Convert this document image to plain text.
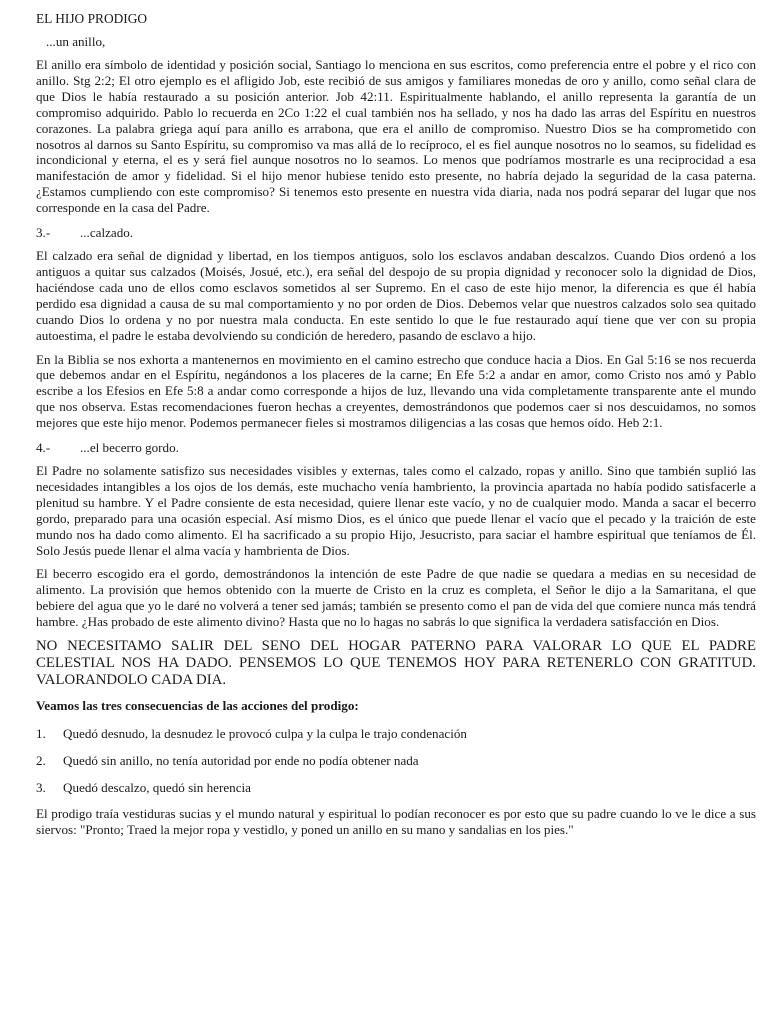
EL HIJO PRODIGO

...un anillo,

El anillo era símbolo de identidad y posición social, Santiago lo menciona en sus escritos, como preferencia entre el pobre y el rico con anillo. Stg 2:2; El otro ejemplo es el afligido Job, este recibió de sus amigos y familiares monedas de oro y anillo, como señal clara de que Dios le había restaurado a su posición anterior. Job 42:11. Espiritualmente hablando, el anillo representa la garantía de un compromiso adquirido. Pablo lo recuerda en 2Co 1:22 el cual también nos ha sellado, y nos ha dado las arras del Espíritu en nuestros corazones. La palabra griega aquí para anillo es arrabona, que era el anillo de compromiso. Nuestro Dios se ha comprometido con nosotros al darnos su Santo Espíritu, su compromiso va mas allá de lo recíproco, el es fiel aunque nosotros no lo seamos, su fidelidad es incondicional y eterna, el es y será fiel aunque nosotros no lo seamos. Lo menos que podríamos mostrarle es una reciprocidad a esa manifestación de amor y fidelidad. Si el hijo menor hubiese tenido esto presente, no habría dejado la seguridad de la casa paterna. ¿Estamos cumpliendo con este compromiso? Si tenemos esto presente en nuestra vida diaria, nada nos podrá separar del lugar que nos corresponde en la casa del Padre.

3.- ...calzado.

El calzado era señal de dignidad y libertad, en los tiempos antiguos, solo los esclavos andaban descalzos. Cuando Dios ordenó a los antiguos a quitar sus calzados (Moisés, Josué, etc.), era señal del despojo de su propia dignidad y reconocer solo la dignidad de Dios, haciéndose cada uno de ellos como esclavos sometidos al ser Supremo. En el caso de este hijo menor, la diferencia es que él había perdido esa dignidad a causa de su mal comportamiento y no por orden de Dios. Debemos velar que nuestros calzados solo sea quitado cuando Dios lo ordena y no por nuestra mala conducta. En este sentido lo que le fue restaurado aquí tiene que ver con su propia autoestima, el padre le estaba devolviendo su condición de heredero, pasando de esclavo a hijo.

En la Biblia se nos exhorta a mantenernos en movimiento en el camino estrecho que conduce hacia a Dios. En Gal 5:16 se nos recuerda que debemos andar en el Espíritu, negándonos a los placeres de la carne; En Efe 5:2 a andar en amor, como Cristo nos amó y Pablo escribe a los Efesios en Efe 5:8 a andar como corresponde a hijos de luz, llevando una vida completamente transparente ante el mundo que nos observa. Estas recomendaciones fueron hechas a creyentes, demostrándonos que podemos caer si nos descuidamos, no somos mejores que este hijo menor. Podemos permanecer fieles si mostramos diligencias a las cosas que hemos oído. Heb 2:1.

4.- ...el becerro gordo.

El Padre no solamente satisfizo sus necesidades visibles y externas, tales como el calzado, ropas y anillo. Sino que también suplió las necesidades intangibles a los ojos de los demás, este muchacho venía hambriento, la provincia apartada no había podido satisfacerle a plenitud su hambre. Y el Padre consiente de esta necesidad, quiere llenar este vacío, y no de cualquier modo. Manda a sacar el becerro gordo, preparado para una ocasión especial. Así mismo Dios, es el único que puede llenar el vacío que el pecado y la traición de este mundo nos ha dado como alimento. El ha sacrificado a su propio Hijo, Jesucristo, para saciar el hambre espiritual que teníamos de Él. Solo Jesús puede llenar el alma vacía y hambrienta de Dios.

El becerro escogido era el gordo, demostrándonos la intención de este Padre de que nadie se quedara a medias en su necesidad de alimento. La provisión que hemos obtenido con la muerte de Cristo en la cruz es completa, el Señor le dijo a la Samaritana, el que bebiere del agua que yo le daré no volverá a tener sed jamás; también se presento como el pan de vida del que comiere nunca más tendrá hambre. ¿Has probado de este alimento divino? Hasta que no lo hagas no sabrás lo que significa la verdadera satisfacción en Dios.

NO NECESITAMO SALIR DEL SENO DEL HOGAR PATERNO PARA VALORAR LO QUE EL PADRE CELESTIAL NOS HA DADO. PENSEMOS LO QUE TENEMOS HOY PARA RETENERLO CON GRATITUD. VALORANDOLO CADA DIA.

Veamos las tres consecuencias de las acciones del prodigo:

1. Quedó desnudo, la desnudez le provocó culpa y la culpa le trajo condenación

2. Quedó sin anillo, no tenía autoridad por ende no podía obtener nada

3. Quedó descalzo, quedó sin herencia

El prodigo traía vestiduras sucias y el mundo natural y espiritual lo podían reconocer es por esto que su padre cuando lo ve le dice a sus siervos: "Pronto; Traed la mejor ropa y vestidlo, y poned un anillo en su mano y sandalias en los pies."
